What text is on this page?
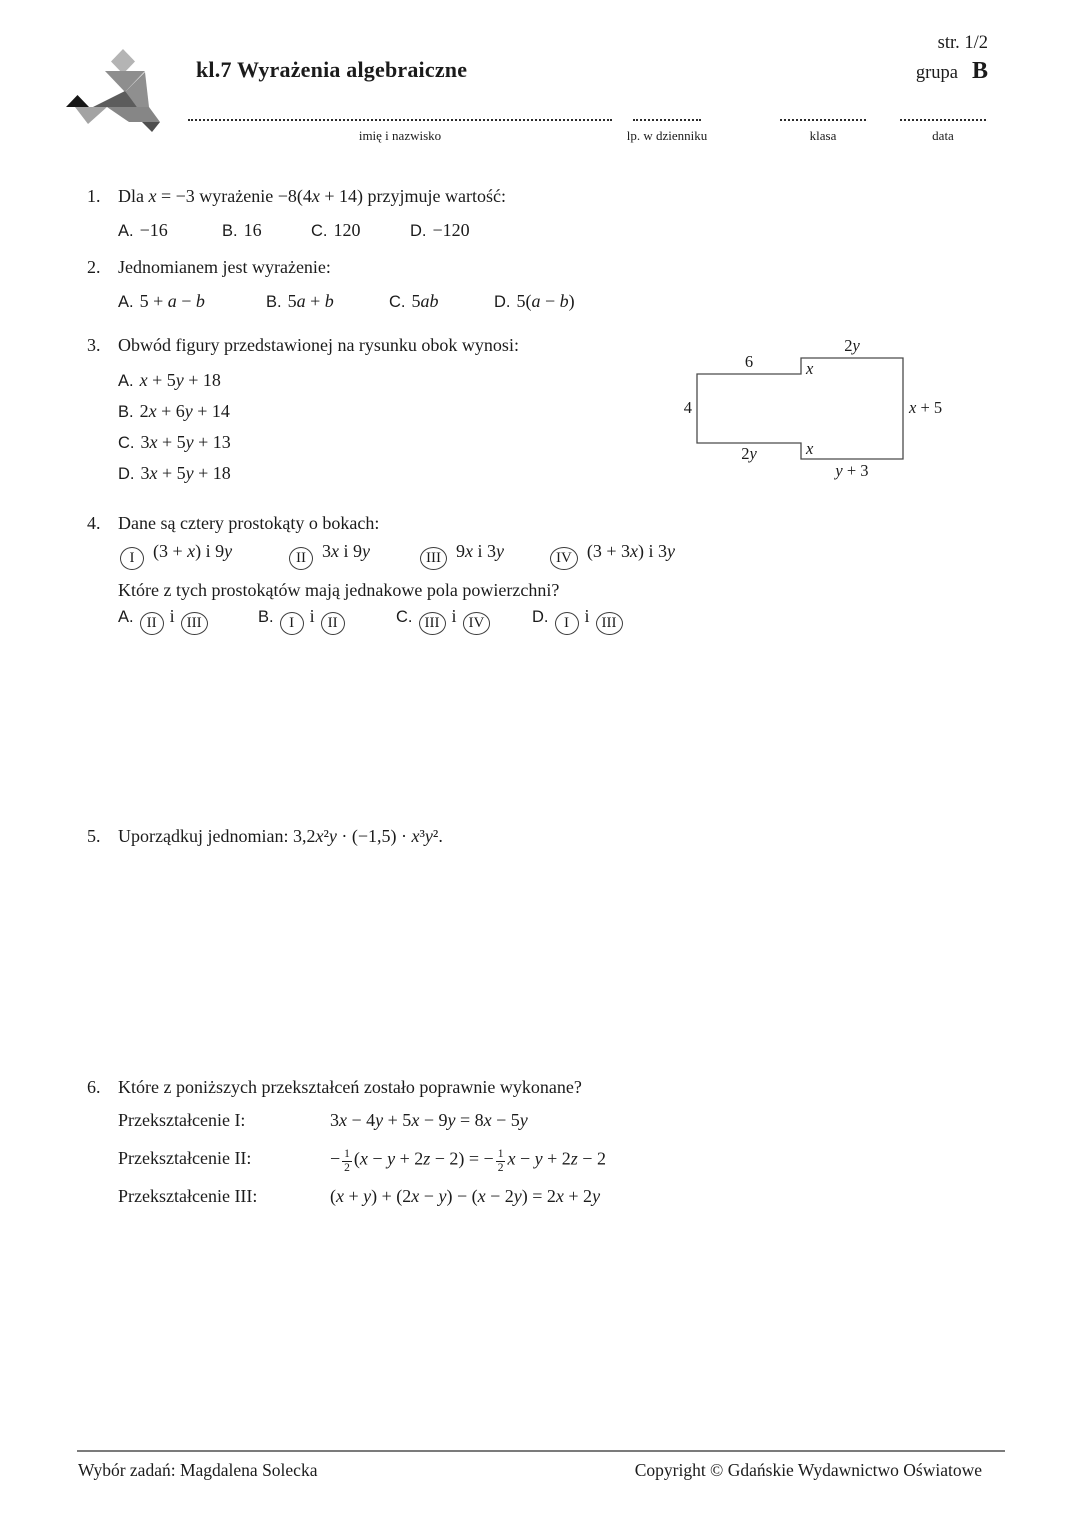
kl.7 Wyrażenia algebraiczne
str. 1/2
grupa B
imię i nazwisko	lp. w dzienniku	klasa	data
1. Dla x = −3 wyrażenie −8(4x + 14) przyjmuje wartość:
A. −16	B. 16	C. 120	D. −120
2. Jednomianem jest wyrażenie:
A. 5 + a − b	B. 5a + b	C. 5ab	D. 5(a − b)
3. Obwód figury przedstawionej na rysunku obok wynosi:
A. x + 5y + 18
B. 2x + 6y + 14
C. 3x + 5y + 13
D. 3x + 5y + 18
6
2y
x
4	x + 5
2y	x
y + 3
4. Dane są cztery prostokąty o bokach:
I (3 + x) i 9y	II 3x i 9y	III 9x i 3y	IV (3 + 3x) i 3y
Które z tych prostokątów mają jednakowe pola powierzchni?
A. II i III	B. I i II	C. III i IV	D. I i III
5. Uporządkuj jednomian: 3,2x²y · (−1,5) · x³y².
6. Które z poniższych przekształceń zostało poprawnie wykonane?
Przekształcenie I:	3x − 4y + 5x − 9y = 8x − 5y
Przekształcenie II:	− $\frac{1}{2} (x - y + 2z - 2)$ = − $\frac{1}{2}$ x − y + 2z − 2
Przekształcenie III:	(x + y) + (2x − y) − (x − 2y) = 2x + 2y
Wybór zadań: Magdalena Solecka	Copyright © Gdańskie Wydawnictwo Oświatowe
